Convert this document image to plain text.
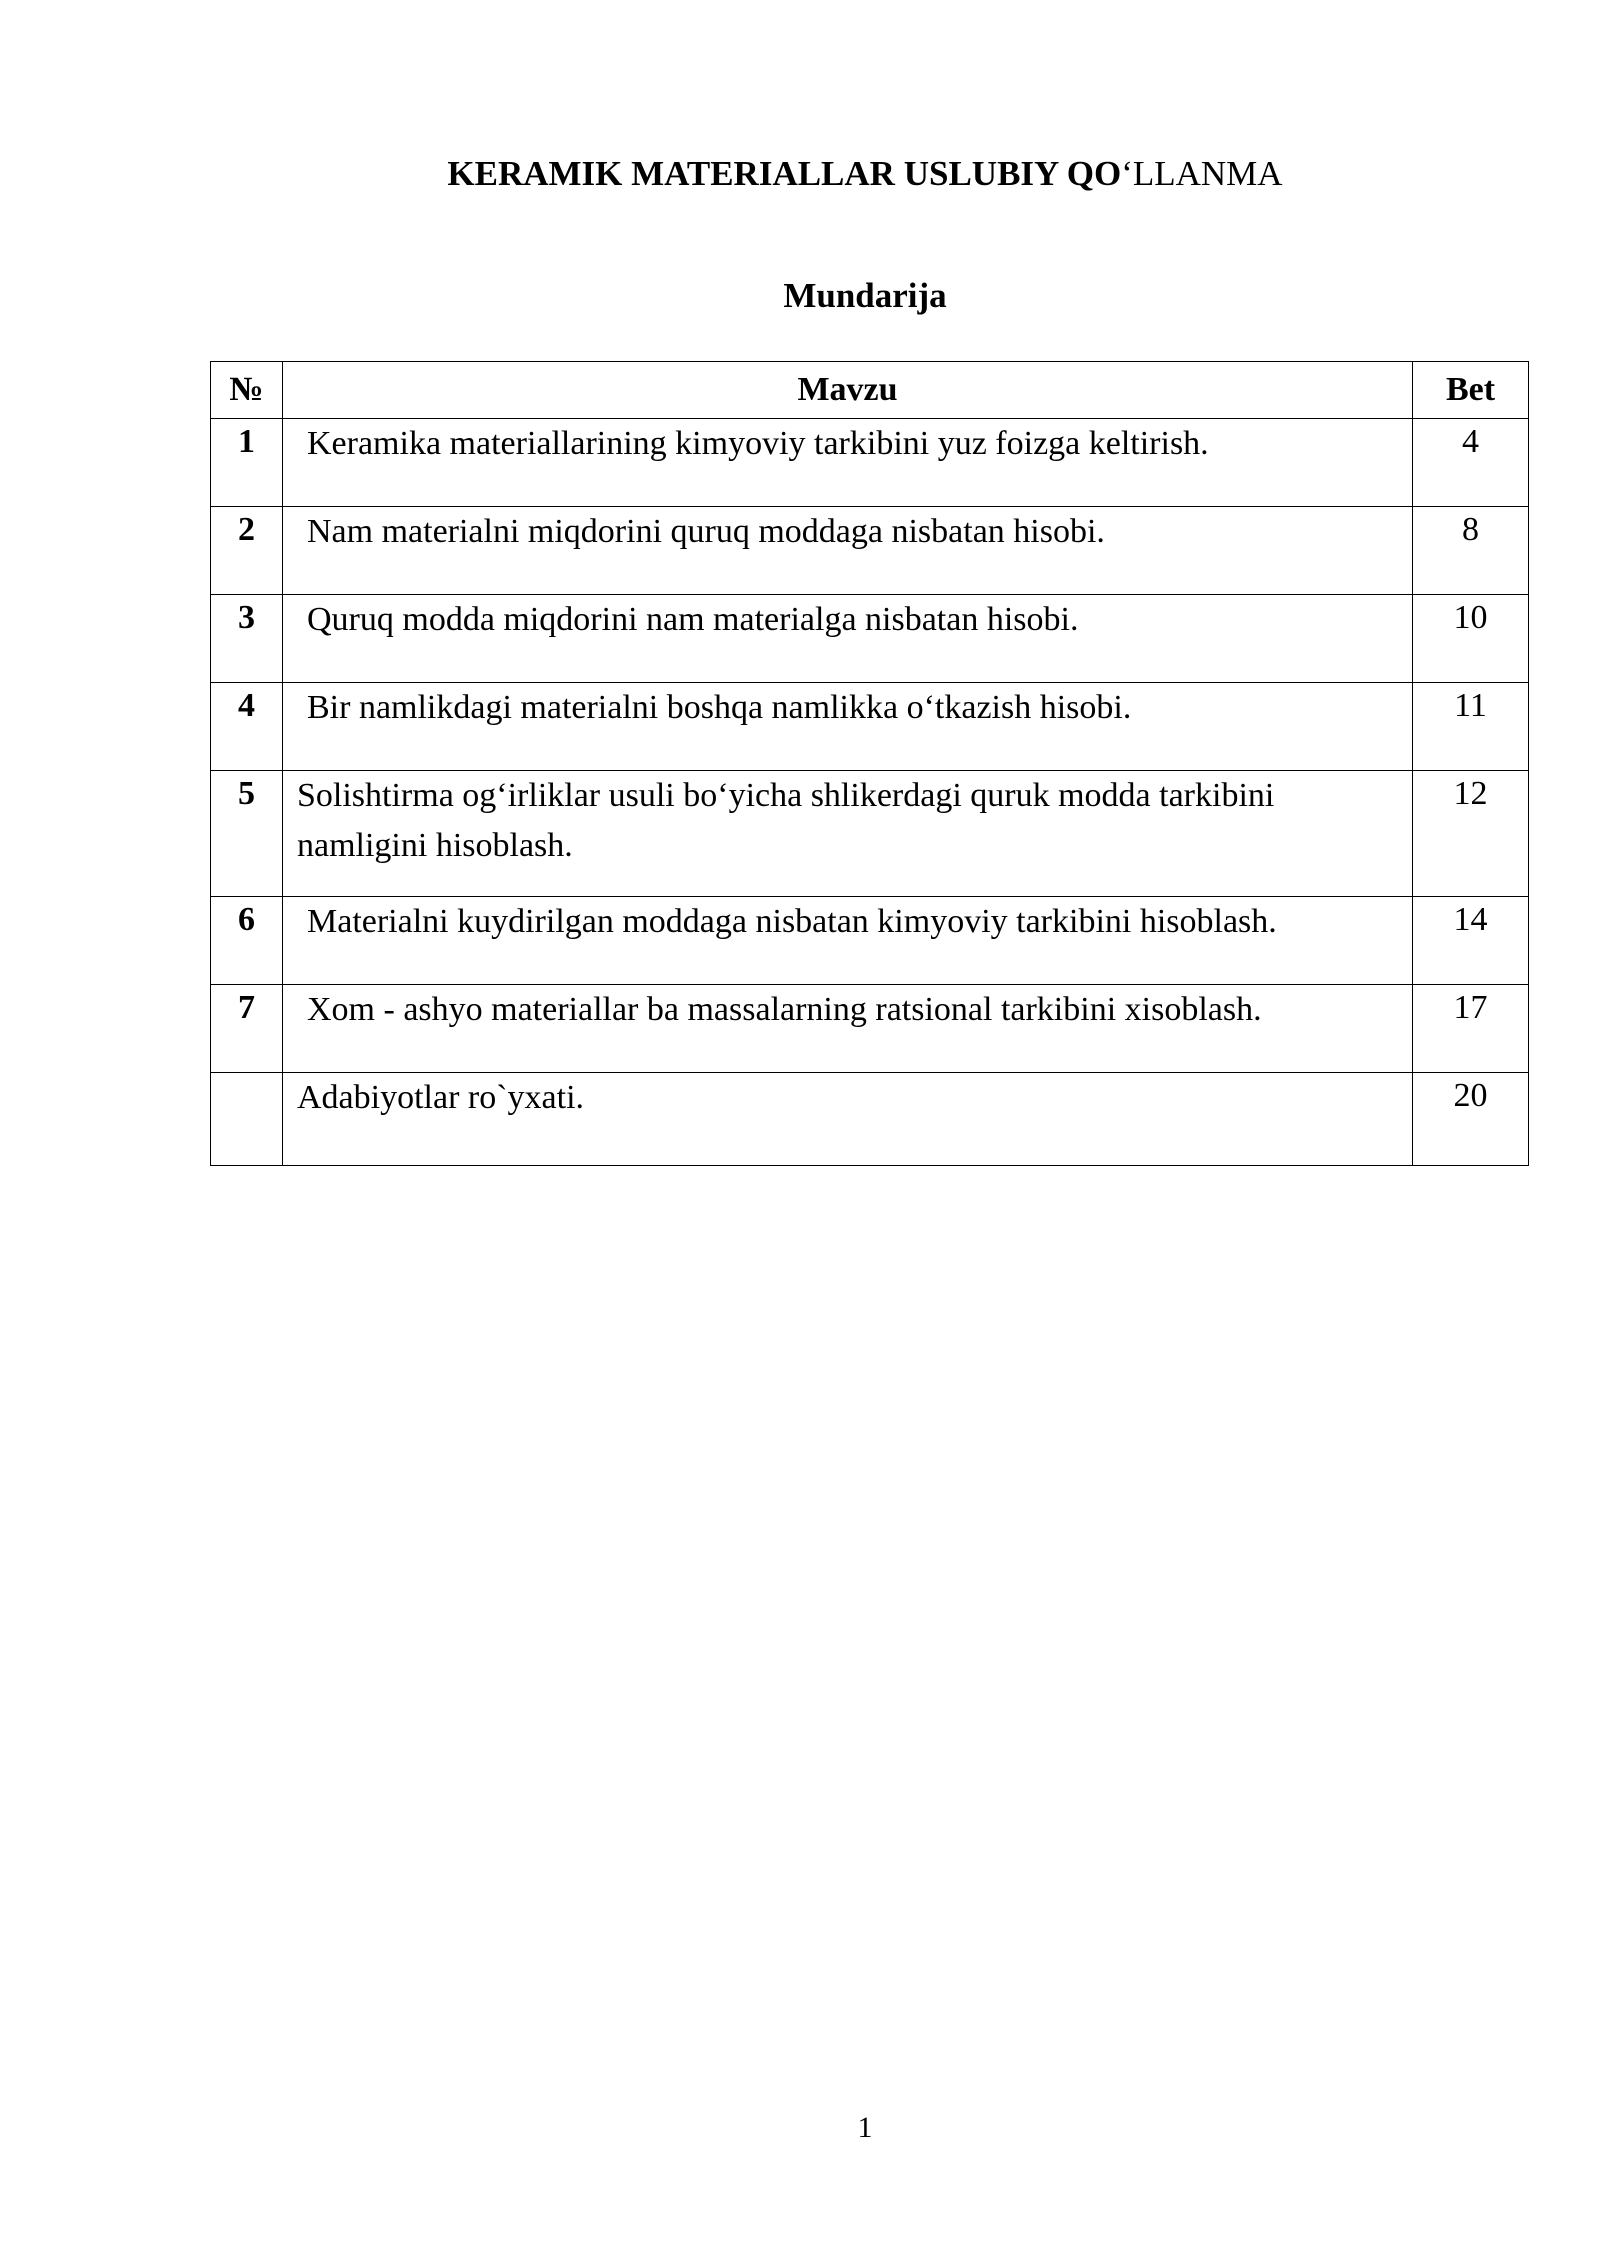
KERAMIK MATERIALLAR USLUBIY QO‘LLANMA
Mundarija
№	Mavzu	Bet
1	Keramika materiallarining kimyoviy tarkibini yuz foizga keltirish.	4
2	Nam materialni miqdorini quruq moddaga nisbatan hisobi.	8
3	Quruq modda miqdorini nam materialga nisbatan hisobi.	10
4	Bir namlikdagi materialni boshqa namlikka o‘tkazish hisobi.	11
5	Solishtirma og‘irliklar usuli bo‘yicha shlikerdagi quruk modda tarkibini namligini hisoblash.	12
6	Materialni kuydirilgan moddaga nisbatan kimyoviy tarkibini hisoblash.	14
7	Xom - ashyo materiallar ba massalarning ratsional tarkibini xisoblash.	17
	Adabiyotlar ro`yxati.	20
1
